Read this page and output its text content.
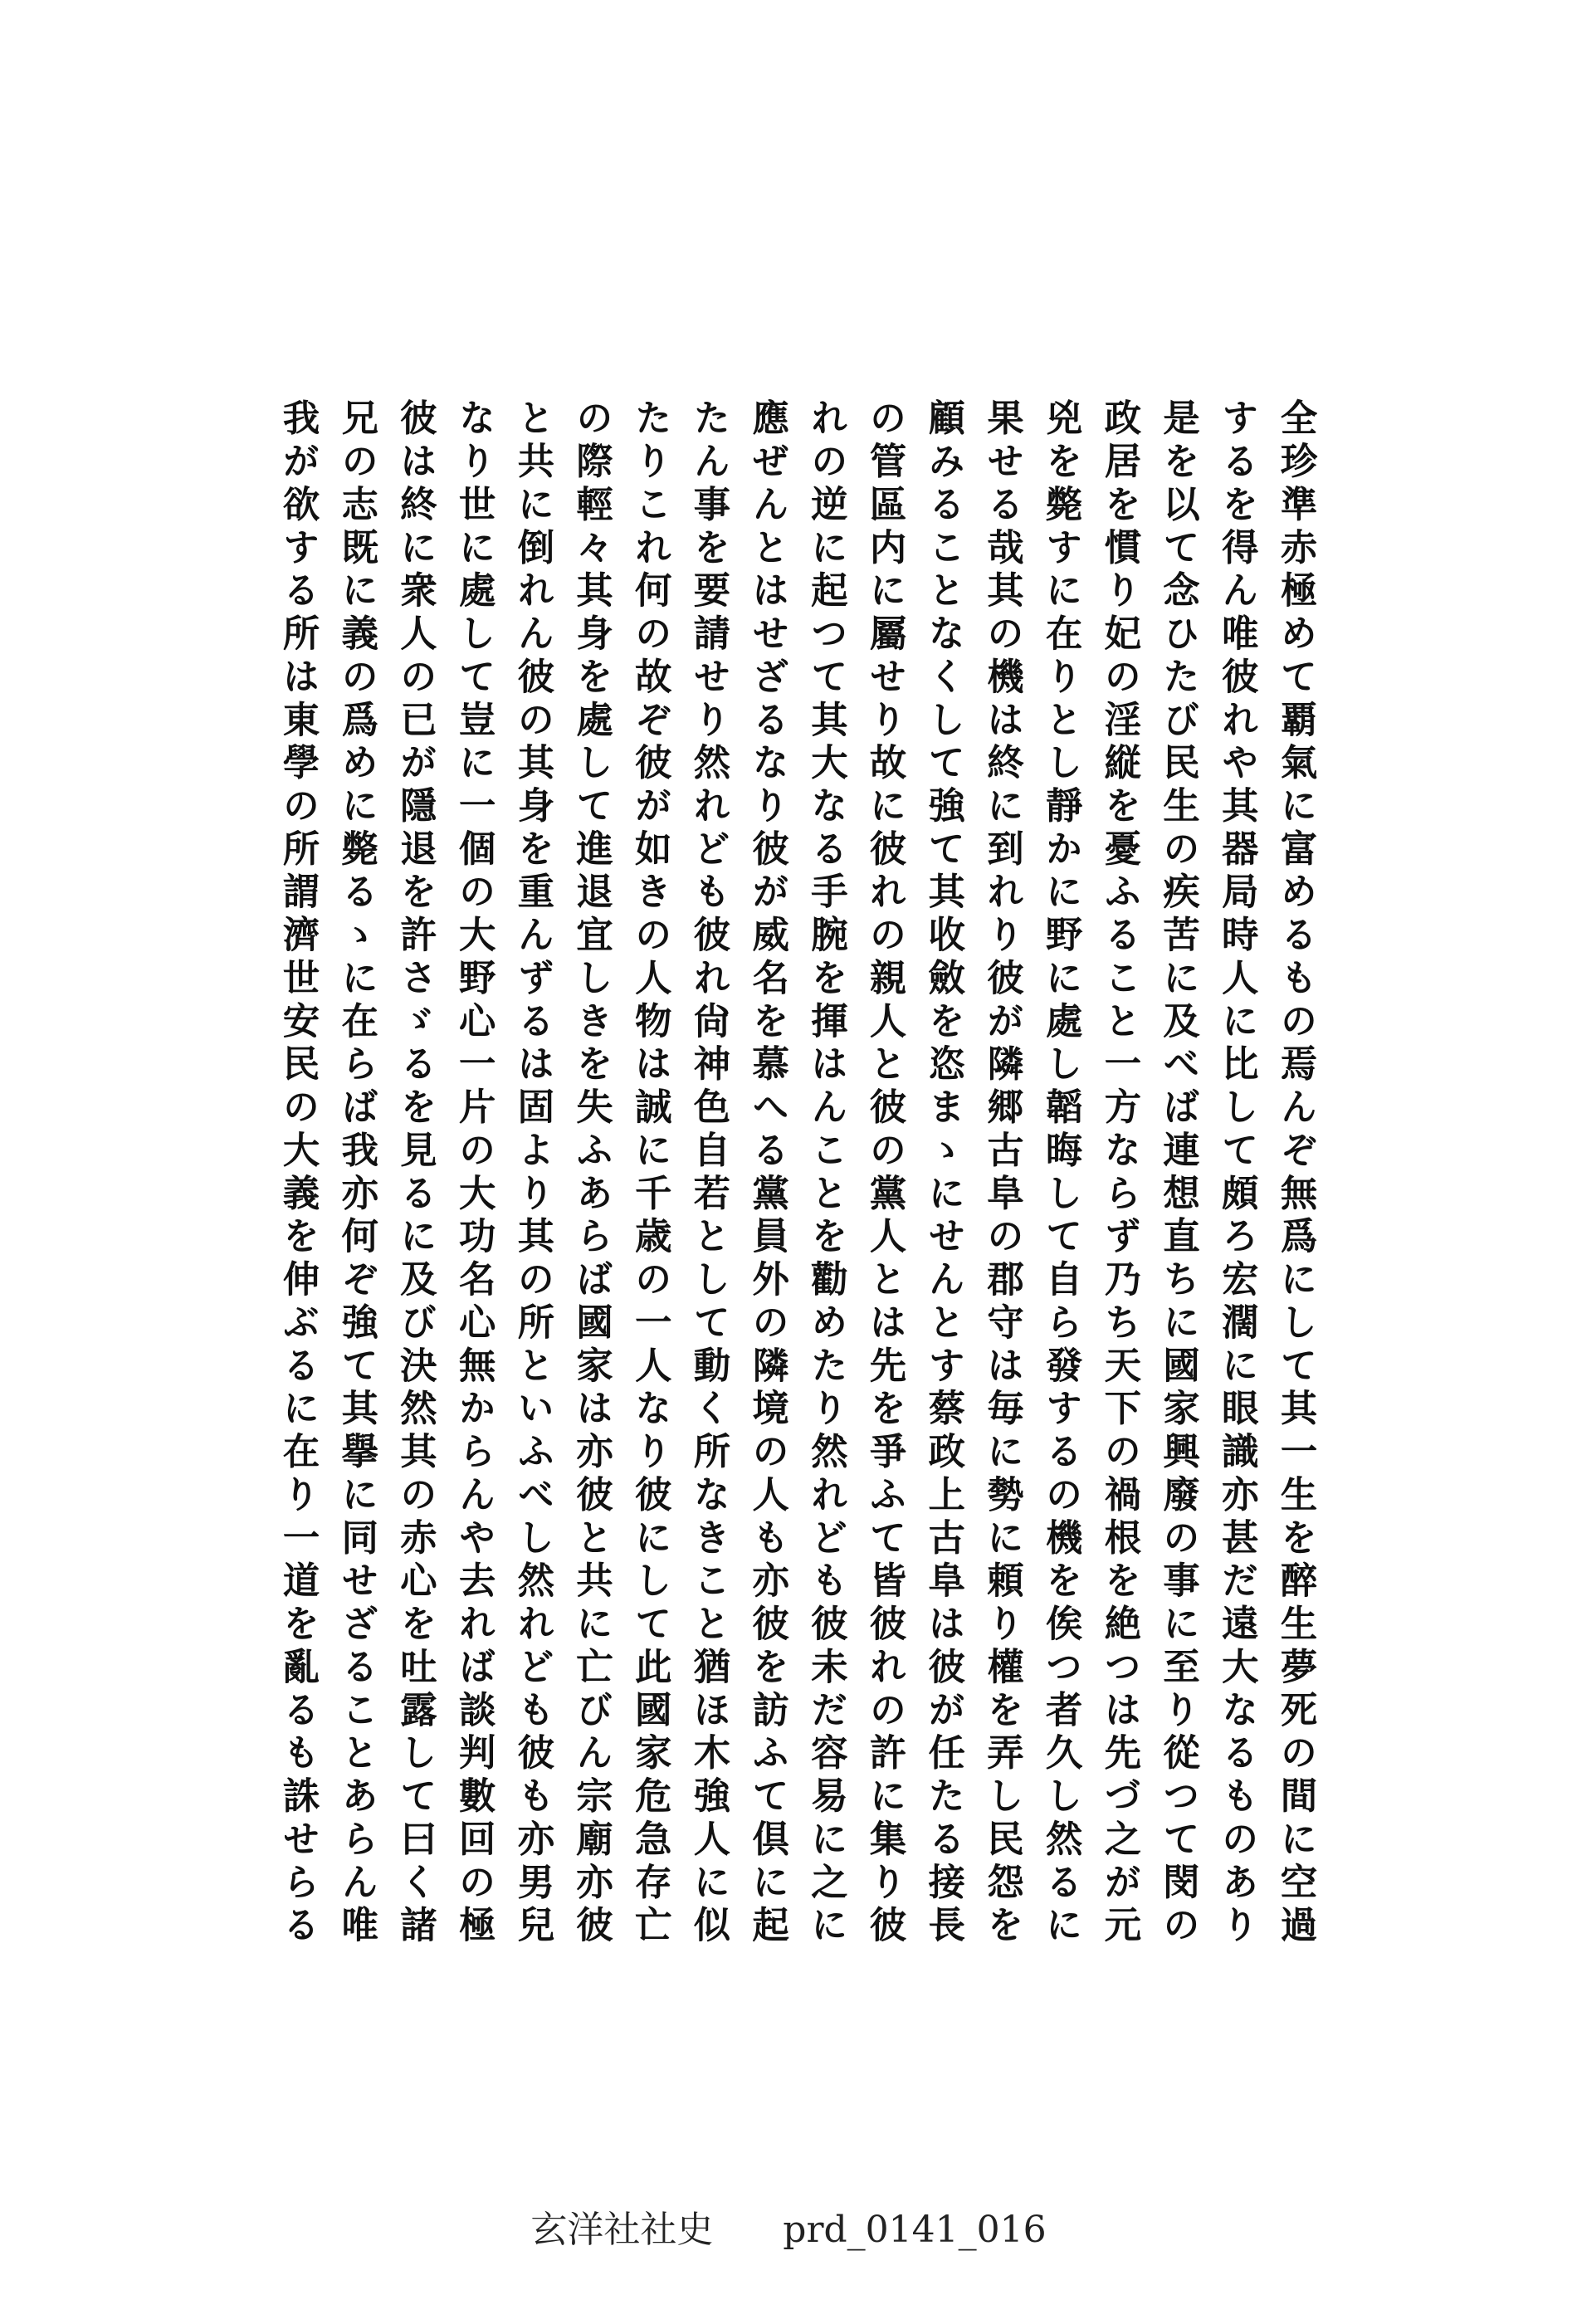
全珍準赤極めて覇氣に富めるもの焉んぞ無爲にして其一生を醉生夢死の間に空過
するを得ん唯彼れや其器局時人に比して頗ろ宏濶に眼識亦甚だ遠大なるものあり
是を以て念ひたび民生の疾苦に及べば連想直ちに國家興廢の事に至り從つて閔の
政居を慣り妃の淫縦を憂ふること一方ならず乃ち天下の禍根を絶つは先づ之が元
兇を斃すに在りとし靜かに野に處し韜晦して自ら發するの機を俟つ者久し然るに
果せる哉其の機は終に到れり彼が隣郷古阜の郡守は毎に勢に頼り權を弄し民怨を
顧みることなくして強て其收斂を恣まゝにせんとす蔡政上古阜は彼が任たる接長
の管區内に屬せり故に彼れの親人と彼の黨人とは先を爭ふて皆彼れの許に集り彼
れの逆に起つて其大なる手腕を揮はんことを勸めたり然れども彼未だ容易に之に
應ぜんとはせざるなり彼が威名を慕へる黨員外の隣境の人も亦彼を訪ふて倶に起
たん事を要請せり然れども彼れ尙神色自若として動く所なきこと猶ほ木強人に似
たりこれ何の故ぞ彼が如きの人物は誠に千歳の一人なり彼にして此國家危急存亡
の際輕々其身を處して進退宜しきを失ふあらば國家は亦彼と共に亡びん宗廟亦彼
と共に倒れん彼の其身を重んずるは固より其の所といふべし然れども彼も亦男兒
なり世に處して豈に一個の大野心一片の大功名心無からんや去れば談判數回の極
彼は終に衆人の已が隱退を許さゞるを見るに及び決然其の赤心を吐露して曰く諸
兄の志既に義の爲めに斃るゝに在らば我亦何ぞ強て其擧に同せざることあらん唯
我が欲する所は東學の所謂濟世安民の大義を伸ぶるに在り一道を亂るも誅せらる
玄洋社社史 prd_0141_016
